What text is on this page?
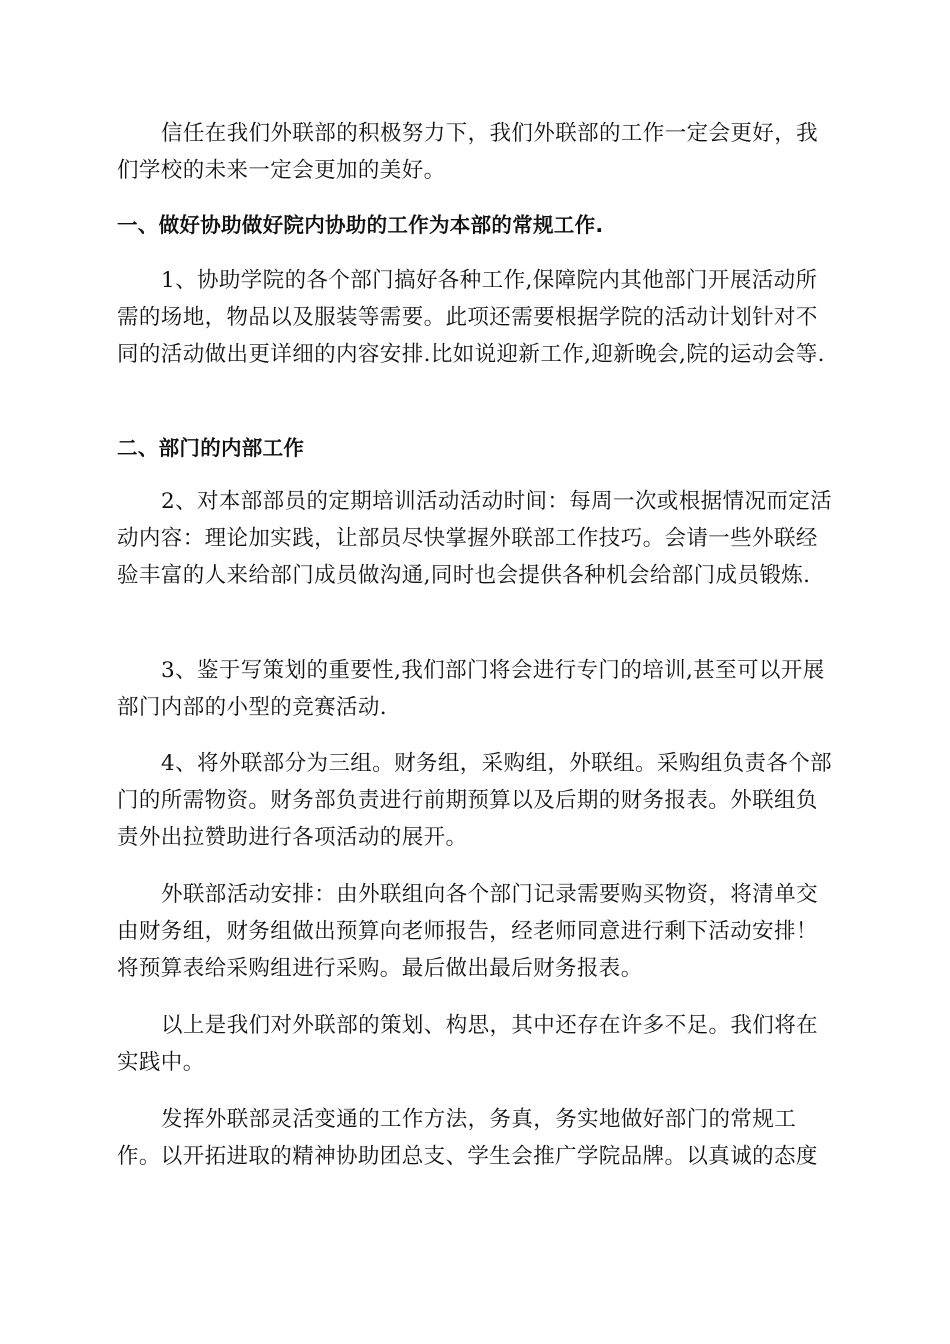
信任在我们外联部的积极努力下，我们外联部的工作一定会更好，我们学校的未来一定会更加的美好。

一、做好协助做好院内协助的工作为本部的常规工作.

1、协助学院的各个部门搞好各种工作,保障院内其他部门开展活动所需的场地，物品以及服装等需要。此项还需要根据学院的活动计划针对不同的活动做出更详细的内容安排.比如说迎新工作,迎新晚会,院的运动会等.

二、部门的内部工作

2、对本部部员的定期培训活动活动时间：每周一次或根据情况而定活动内容：理论加实践，让部员尽快掌握外联部工作技巧。会请一些外联经验丰富的人来给部门成员做沟通,同时也会提供各种机会给部门成员锻炼.

3、鉴于写策划的重要性,我们部门将会进行专门的培训,甚至可以开展部门内部的小型的竞赛活动.

4、将外联部分为三组。财务组，采购组，外联组。采购组负责各个部门的所需物资。财务部负责进行前期预算以及后期的财务报表。外联组负责外出拉赞助进行各项活动的展开。

外联部活动安排：由外联组向各个部门记录需要购买物资，将清单交由财务组，财务组做出预算向老师报告，经老师同意进行剩下活动安排！将预算表给采购组进行采购。最后做出最后财务报表。

以上是我们对外联部的策划、构思，其中还存在许多不足。我们将在实践中。

发挥外联部灵活变通的工作方法，务真，务实地做好部门的常规工作。以开拓进取的精神协助团总支、学生会推广学院品牌。以真诚的态度
